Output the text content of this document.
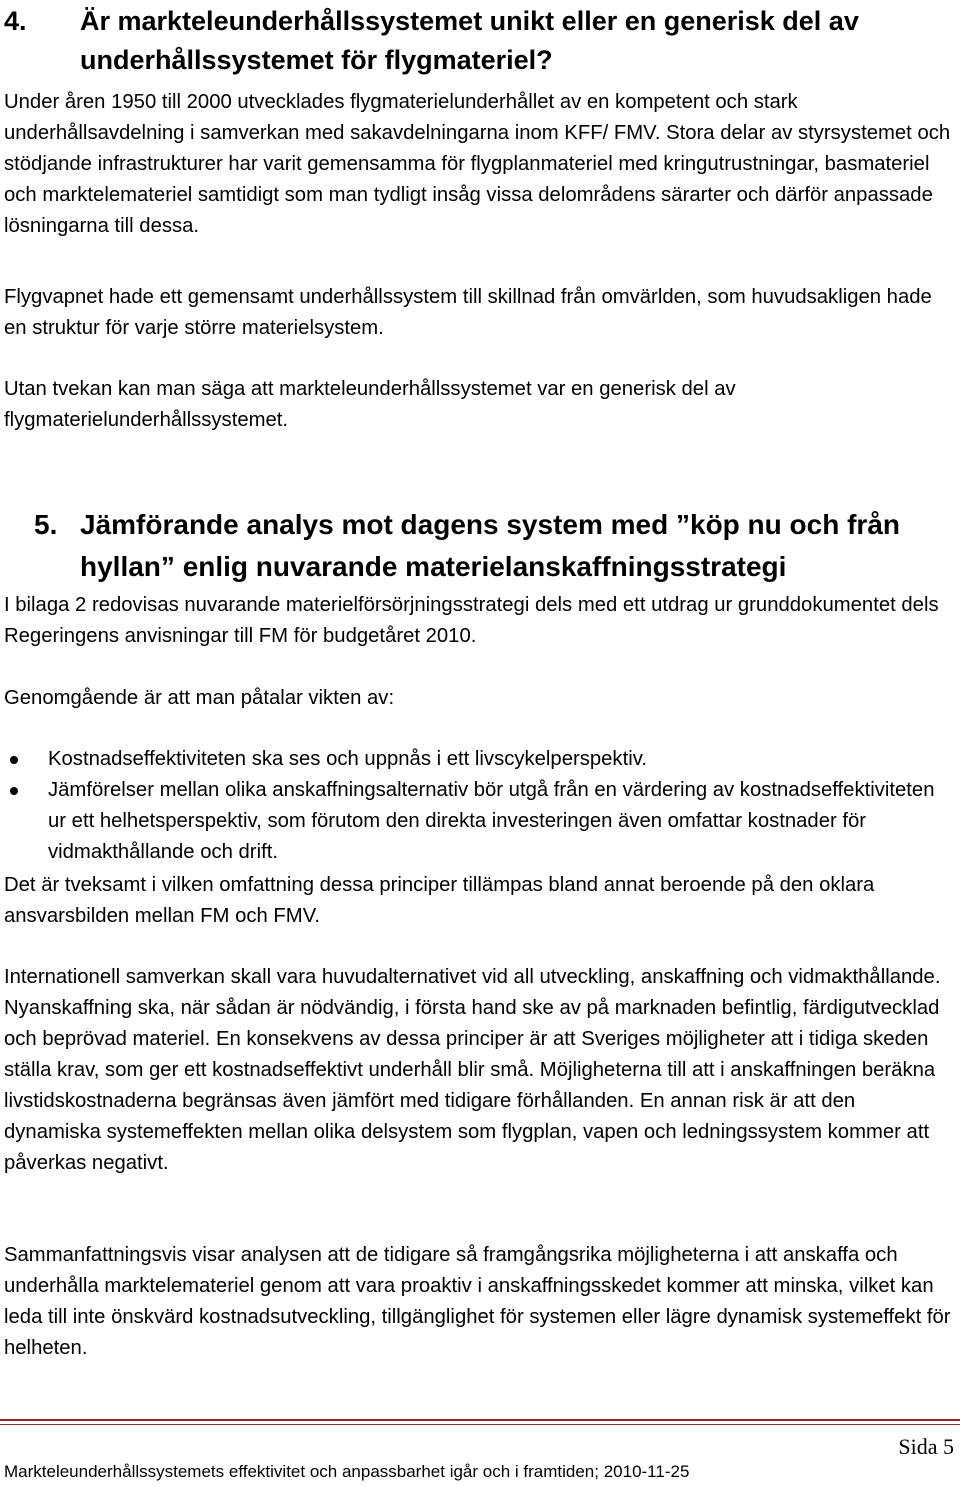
4. Är markteleunderhållssystemet unikt eller en generisk del av
underhållssystemet för flygmateriel?

Under åren 1950 till 2000 utvecklades flygmaterielunderhållet av en kompetent och stark underhållsavdelning i samverkan med sakavdelningarna inom KFF/ FMV. Stora delar av styrsystemet och stödjande infrastrukturer har varit gemensamma för flygplanmateriel med kringutrustningar, basmateriel och marktelemateriel samtidigt som man tydligt insåg vissa delområdens särarter och därför anpassade lösningarna till dessa.

Flygvapnet hade ett gemensamt underhållssystem till skillnad från omvärlden, som huvudsakligen hade en struktur för varje större materielsystem.

Utan tvekan kan man säga att markteleunderhållssystemet var en generisk del av flygmaterielunderhållssystemet.

5. Jämförande analys mot dagens system med ”köp nu och från
hyllan” enlig nuvarande materielanskaffningsstrategi

I bilaga 2 redovisas nuvarande materielförsörjningsstrategi dels med ett utdrag ur grunddokumentet dels Regeringens anvisningar till FM för budgetåret 2010.

Genomgående är att man påtalar vikten av:

Kostnadseffektiviteten ska ses och uppnås i ett livscykelperspektiv.
Jämförelser mellan olika anskaffningsalternativ bör utgå från en värdering av kostnadseffektiviteten ur ett helhetsperspektiv, som förutom den direkta investeringen även omfattar kostnader för vidmakthållande och drift.

Det är tveksamt i vilken omfattning dessa principer tillämpas bland annat beroende på den oklara ansvarsbilden mellan FM och FMV.

Internationell samverkan skall vara huvudalternativet vid all utveckling, anskaffning och vidmakthållande. Nyanskaffning ska, när sådan är nödvändig, i första hand ske av på marknaden befintlig, färdigutvecklad och beprövad materiel. En konsekvens av dessa principer är att Sveriges möjligheter att i tidiga skeden ställa krav, som ger ett kostnadseffektivt underhåll blir små. Möjligheterna till att i anskaffningen beräkna livstidskostnaderna begränsas även jämfört med tidigare förhållanden. En annan risk är att den dynamiska systemeffekten mellan olika delsystem som flygplan, vapen och ledningssystem kommer att påverkas negativt.

Sammanfattningsvis visar analysen att de tidigare så framgångsrika möjligheterna i att anskaffa och underhålla marktelemateriel genom att vara proaktiv i anskaffningsskedet kommer att minska, vilket kan leda till inte önskvärd kostnadsutveckling, tillgänglighet för systemen eller lägre dynamisk systemeffekt för helheten.

Sida 5
Markteleunderhållssystemets effektivitet och anpassbarhet igår och i framtiden; 2010-11-25
